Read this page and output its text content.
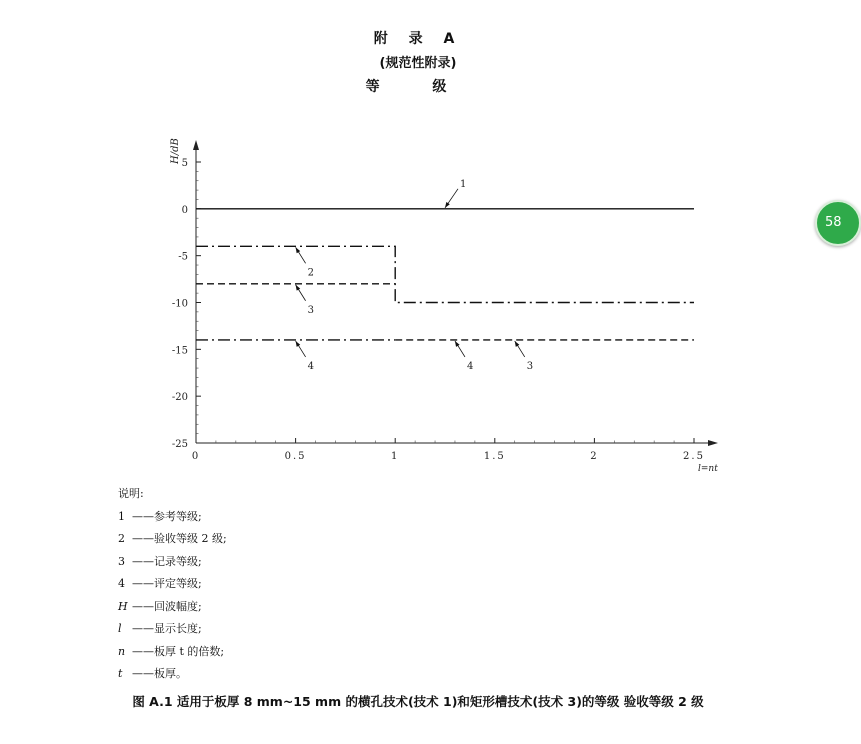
附 录 A
(规范性附录)
等 级
H/dB
l=nt
5
0
-5
-10
-15
-20
-25
0	0.5	1	1.5	2	2.5
1
2
3
4	4	3
说明:
1 ——参考等级;
2 ——验收等级 2 级;
3 ——记录等级;
4 ——评定等级;
H ——回波幅度;
l ——显示长度;
n ——板厚 t 的倍数;
t ——板厚。
图 A.1 适用于板厚 8 mm~15 mm 的横孔技术(技术 1)和矩形槽技术(技术 3)的等级 验收等级 2 级
58
